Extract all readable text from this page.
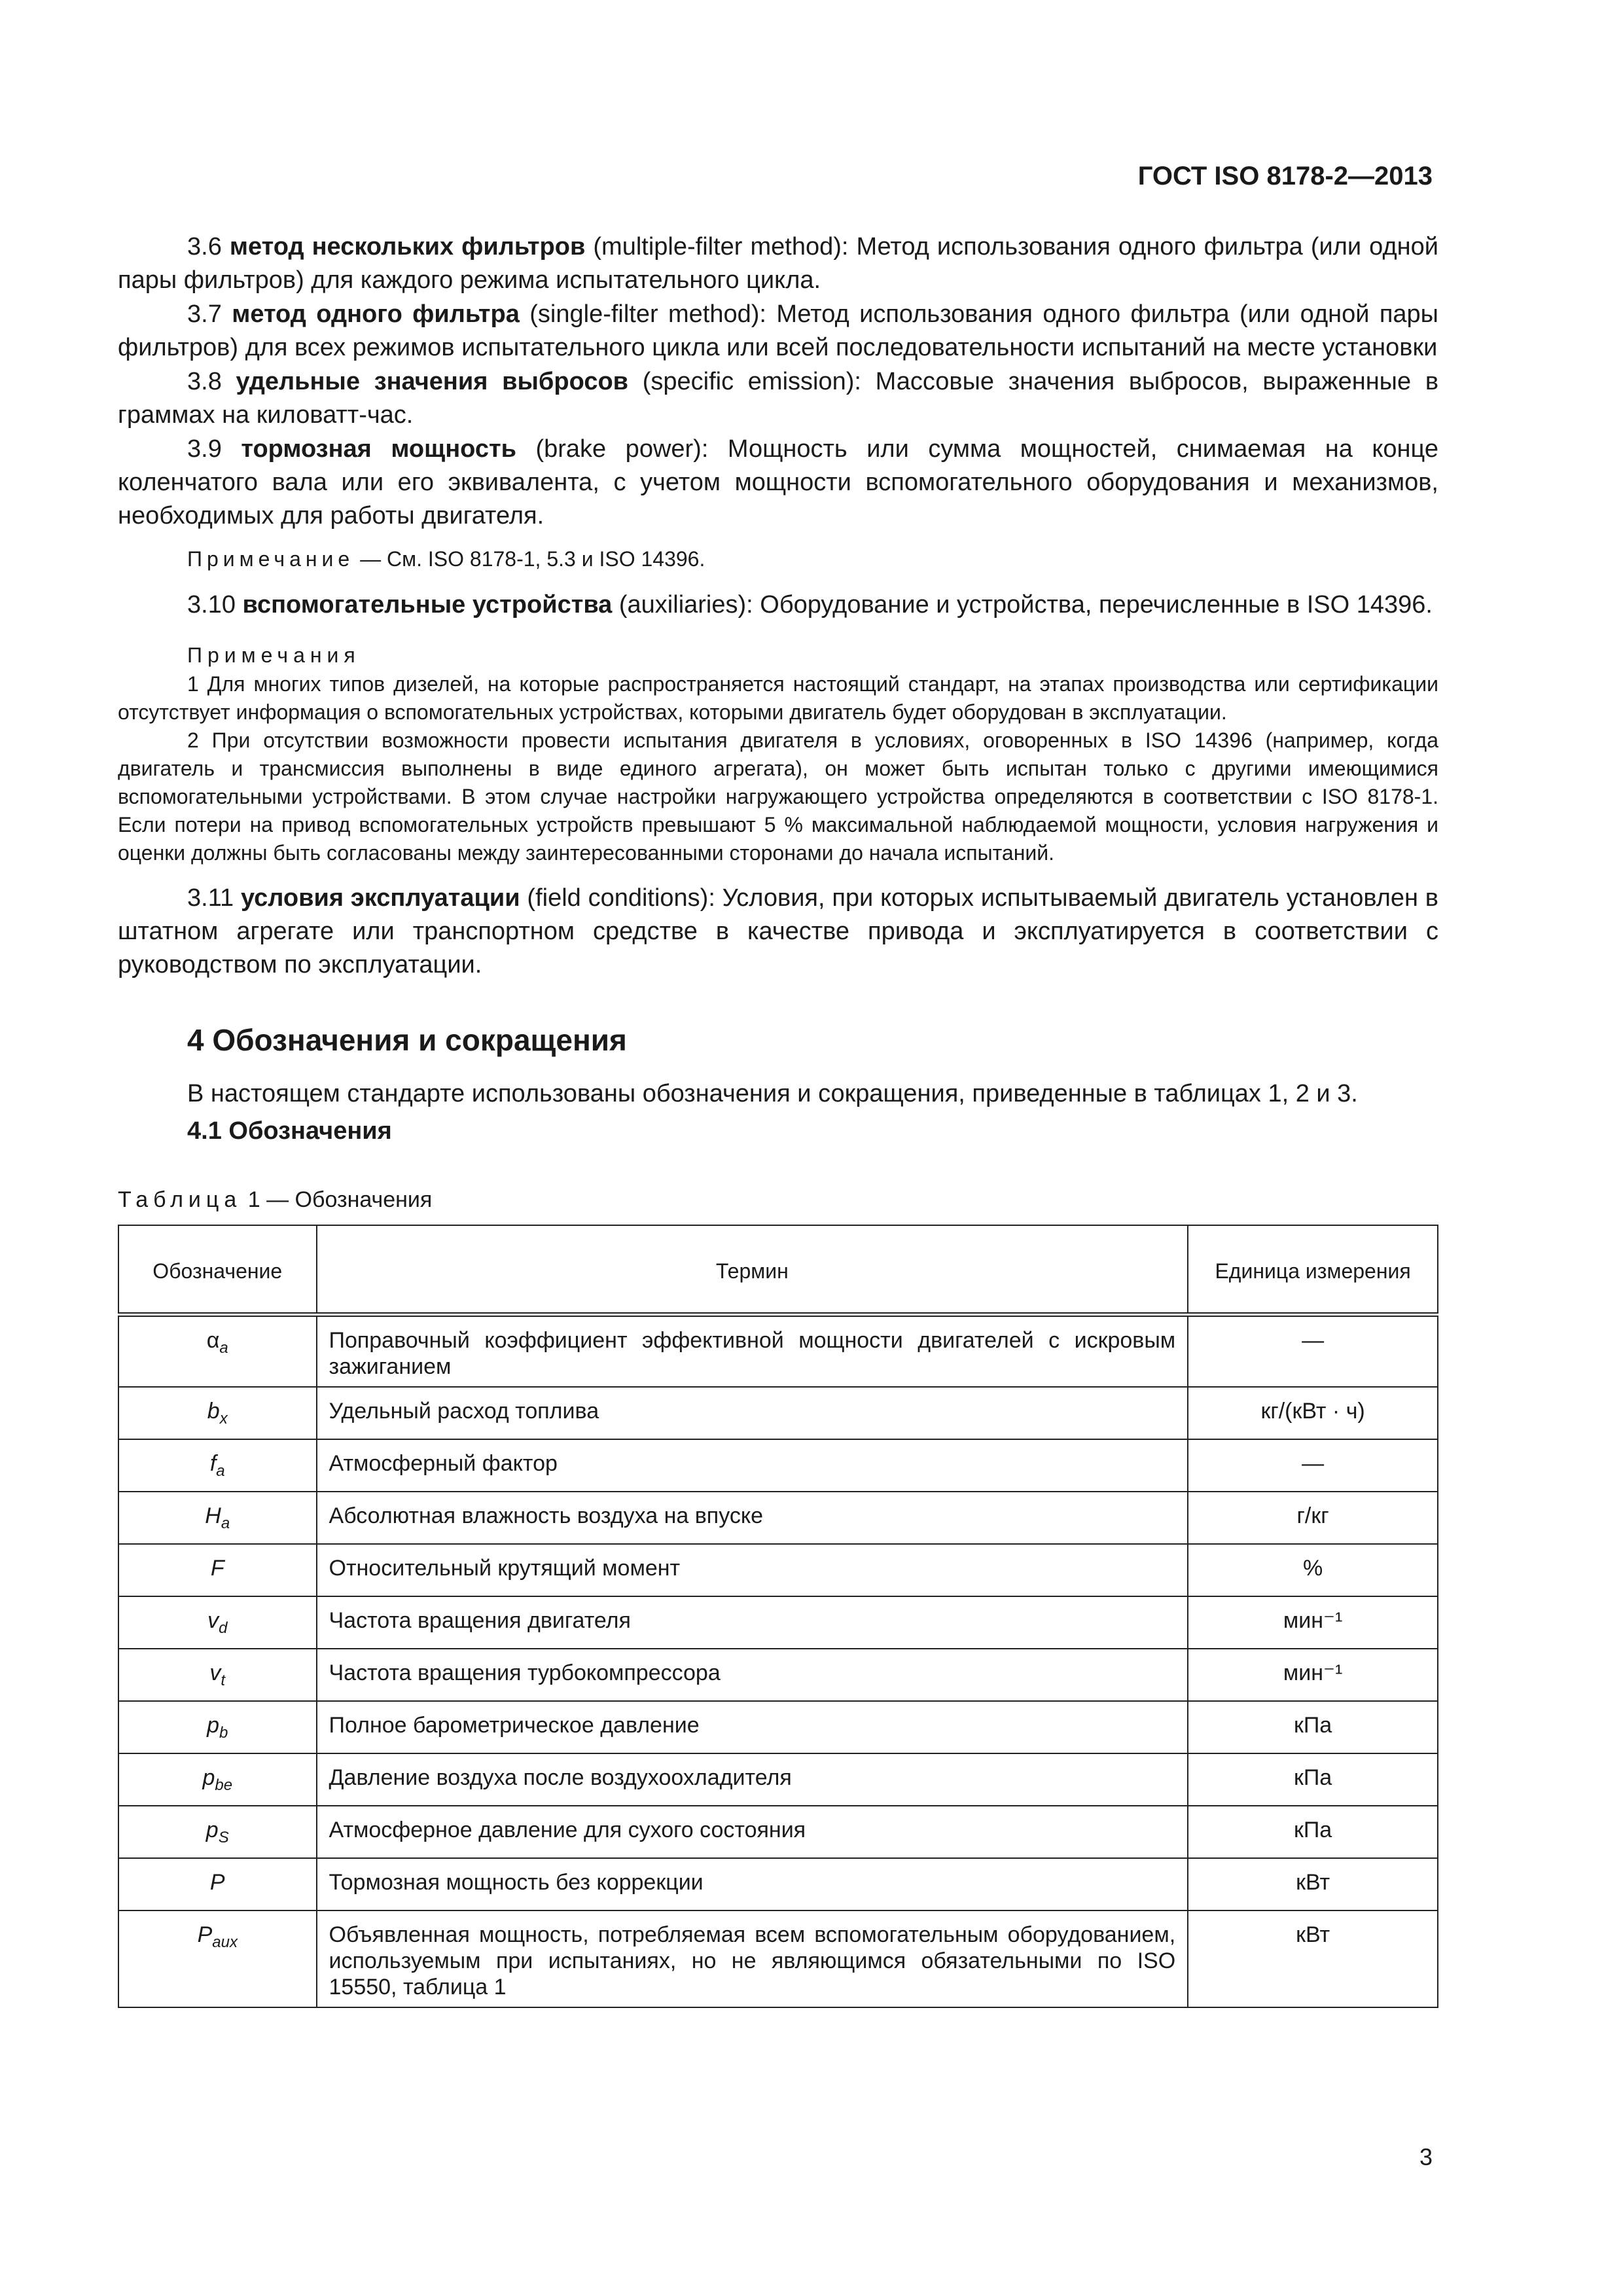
ГОСТ ISO 8178-2—2013

3.6 метод нескольких фильтров (multiple-filter method): Метод использования одного фильтра (или одной пары фильтров) для каждого режима испытательного цикла.

3.7 метод одного фильтра (single-filter method): Метод использования одного фильтра (или одной пары фильтров) для всех режимов испытательного цикла или всей последовательности испытаний на месте установки

3.8 удельные значения выбросов (specific emission): Массовые значения выбросов, выраженные в граммах на киловатт-час.

3.9 тормозная мощность (brake power): Мощность или сумма мощностей, снимаемая на конце коленчатого вала или его эквивалента, с учетом мощности вспомогательного оборудования и механизмов, необходимых для работы двигателя.

Примечание — См. ISO 8178-1, 5.3 и ISO 14396.

3.10 вспомогательные устройства (auxiliaries): Оборудование и устройства, перечисленные в ISO 14396.

Примечания

1 Для многих типов дизелей, на которые распространяется настоящий стандарт, на этапах производства или сертификации отсутствует информация о вспомогательных устройствах, которыми двигатель будет оборудован в эксплуатации.

2 При отсутствии возможности провести испытания двигателя в условиях, оговоренных в ISO 14396 (например, когда двигатель и трансмиссия выполнены в виде единого агрегата), он может быть испытан только с другими имеющимися вспомогательными устройствами. В этом случае настройки нагружающего устройства определяются в соответствии с ISO 8178-1. Если потери на привод вспомогательных устройств превышают 5 % максимальной наблюдаемой мощности, условия нагружения и оценки должны быть согласованы между заинтересованными сторонами до начала испытаний.

3.11 условия эксплуатации (field conditions): Условия, при которых испытываемый двигатель установлен в штатном агрегате или транспортном средстве в качестве привода и эксплуатируется в соответствии с руководством по эксплуатации.

4 Обозначения и сокращения

В настоящем стандарте использованы обозначения и сокращения, приведенные в таблицах 1, 2 и 3.

4.1 Обозначения
Таблица 1 — Обозначения
Обозначение	Термин	Единица измерения
$\alpha_a$	Поправочный коэффициент эффективной мощности двигателей с искровым зажиганием	—
$b_x$	Удельный расход топлива	кг/(кВт · ч)
$f_a$	Атмосферный фактор	—
$H_a$	Абсолютная влажность воздуха на впуске	г/кг
F	Относительный крутящий момент	%
$v_d$	Частота вращения двигателя	мин⁻¹
$v_t$	Частота вращения турбокомпрессора	мин⁻¹
$p_b$	Полное барометрическое давление	кПа
$p_{be}$	Давление воздуха после воздухоохладителя	кПа
$p_S$	Атмосферное давление для сухого состояния	кПа
P	Тормозная мощность без коррекции	кВт
$P_{aux}$	Объявленная мощность, потребляемая всем вспомогательным оборудованием, используемым при испытаниях, но не являющимся обязательными по ISO 15550, таблица 1	кВт
3
